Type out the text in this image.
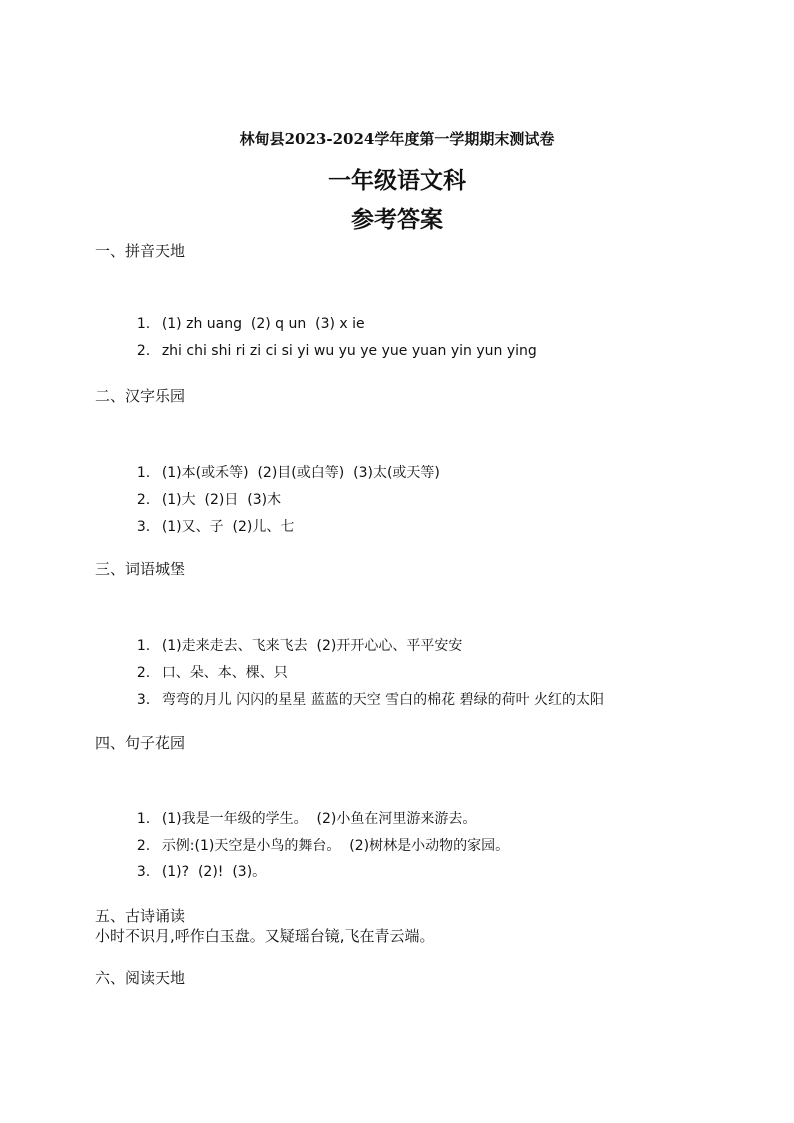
林甸县2023-2024学年度第一学期期末测试卷
一年级语文科
参考答案
一、拼音天地

1. (1) zh uang  (2) q un  (3) x ie

2. zhi chi shi ri zi ci si yi wu yu ye yue yuan yin yun ying

二、汉字乐园

1. (1)本(或禾等)  (2)目(或白等)  (3)太(或天等)

2. (1)大  (2)日  (3)木

3. (1)又、子  (2)儿、七

三、词语城堡

1. (1)走来走去、飞来飞去  (2)开开心心、平平安安

2. 口、朵、本、棵、只

3. 弯弯的月儿 闪闪的星星 蓝蓝的天空 雪白的棉花 碧绿的荷叶 火红的太阳

四、句子花园

1. (1)我是一年级的学生。  (2)小鱼在河里游来游去。

2. 示例:(1)天空是小鸟的舞台。  (2)树林是小动物的家园。

3. (1)?  (2)!  (3)。

五、古诗诵读
小时不识月,呼作白玉盘。又疑瑶台镜,飞在青云端。
六、阅读天地
